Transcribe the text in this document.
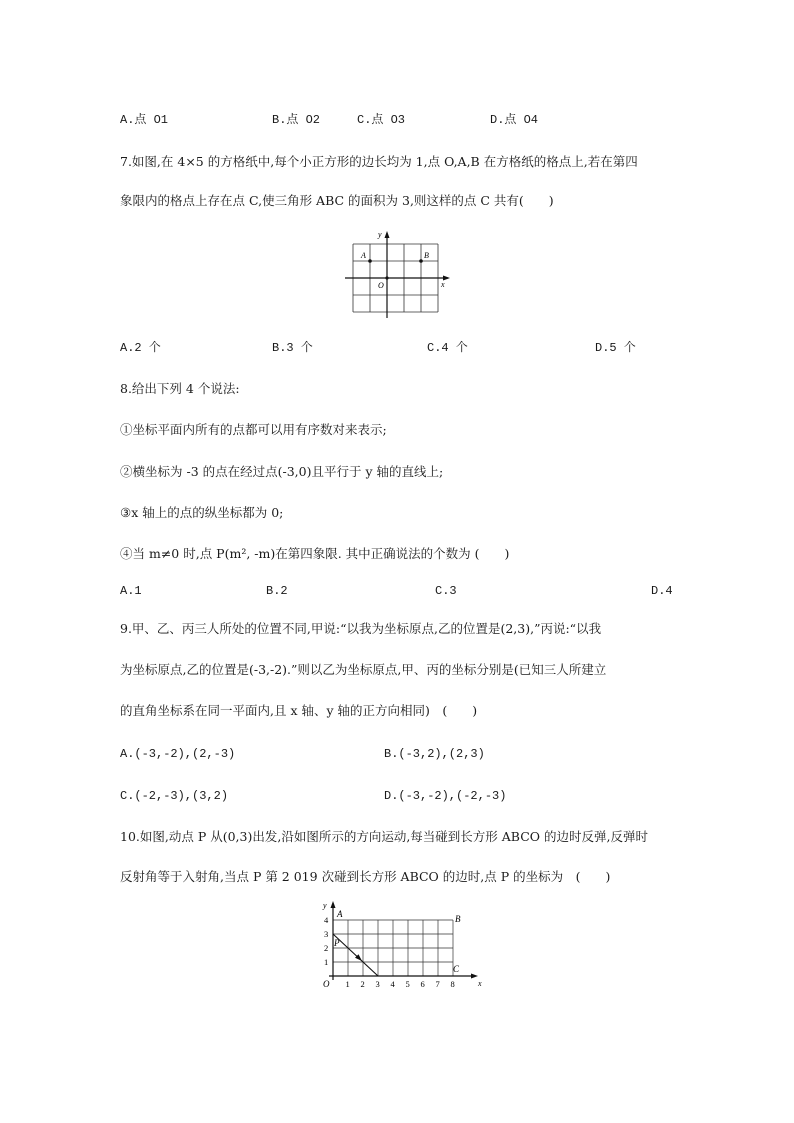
A.点 O1	B.点 O2	C.点 O3	D.点 O4
7.如图,在 4×5 的方格纸中,每个小正方形的边长均为 1,点 O,A,B 在方格纸的格点上,若在第四
象限内的格点上存在点 C,使三角形 ABC 的面积为 3,则这样的点 C 共有(　　)
y
x
A	B
O
A.2 个	B.3 个	C.4 个	D.5 个
8.给出下列 4 个说法:
①坐标平面内所有的点都可以用有序数对来表示;
②横坐标为 -3 的点在经过点(-3,0)且平行于 y 轴的直线上;
③x 轴上的点的纵坐标都为 0;
④当 m≠0 时,点 P(m², -m)在第四象限. 其中正确说法的个数为 (　　)
A.1	B.2	C.3	D.4
9.甲、乙、丙三人所处的位置不同,甲说:“以我为坐标原点,乙的位置是(2,3),”丙说:“以我
为坐标原点,乙的位置是(-3,-2).”则以乙为坐标原点,甲、丙的坐标分别是(已知三人所建立
的直角坐标系在同一平面内,且 x 轴、y 轴的正方向相同)　(　　)
A.(-3,-2),(2,-3)	B.(-3,2),(2,3)
C.(-2,-3),(3,2)	D.(-3,-2),(-2,-3)
10.如图,动点 P 从(0,3)出发,沿如图所示的方向运动,每当碰到长方形 ABCO 的边时反弹,反弹时
反射角等于入射角,当点 P 第 2 019 次碰到长方形 ABCO 的边时,点 P 的坐标为　(　　)
y
x
O
A	B
C
P
1
2
3
4
1 2 3 4 5 6 7 8
